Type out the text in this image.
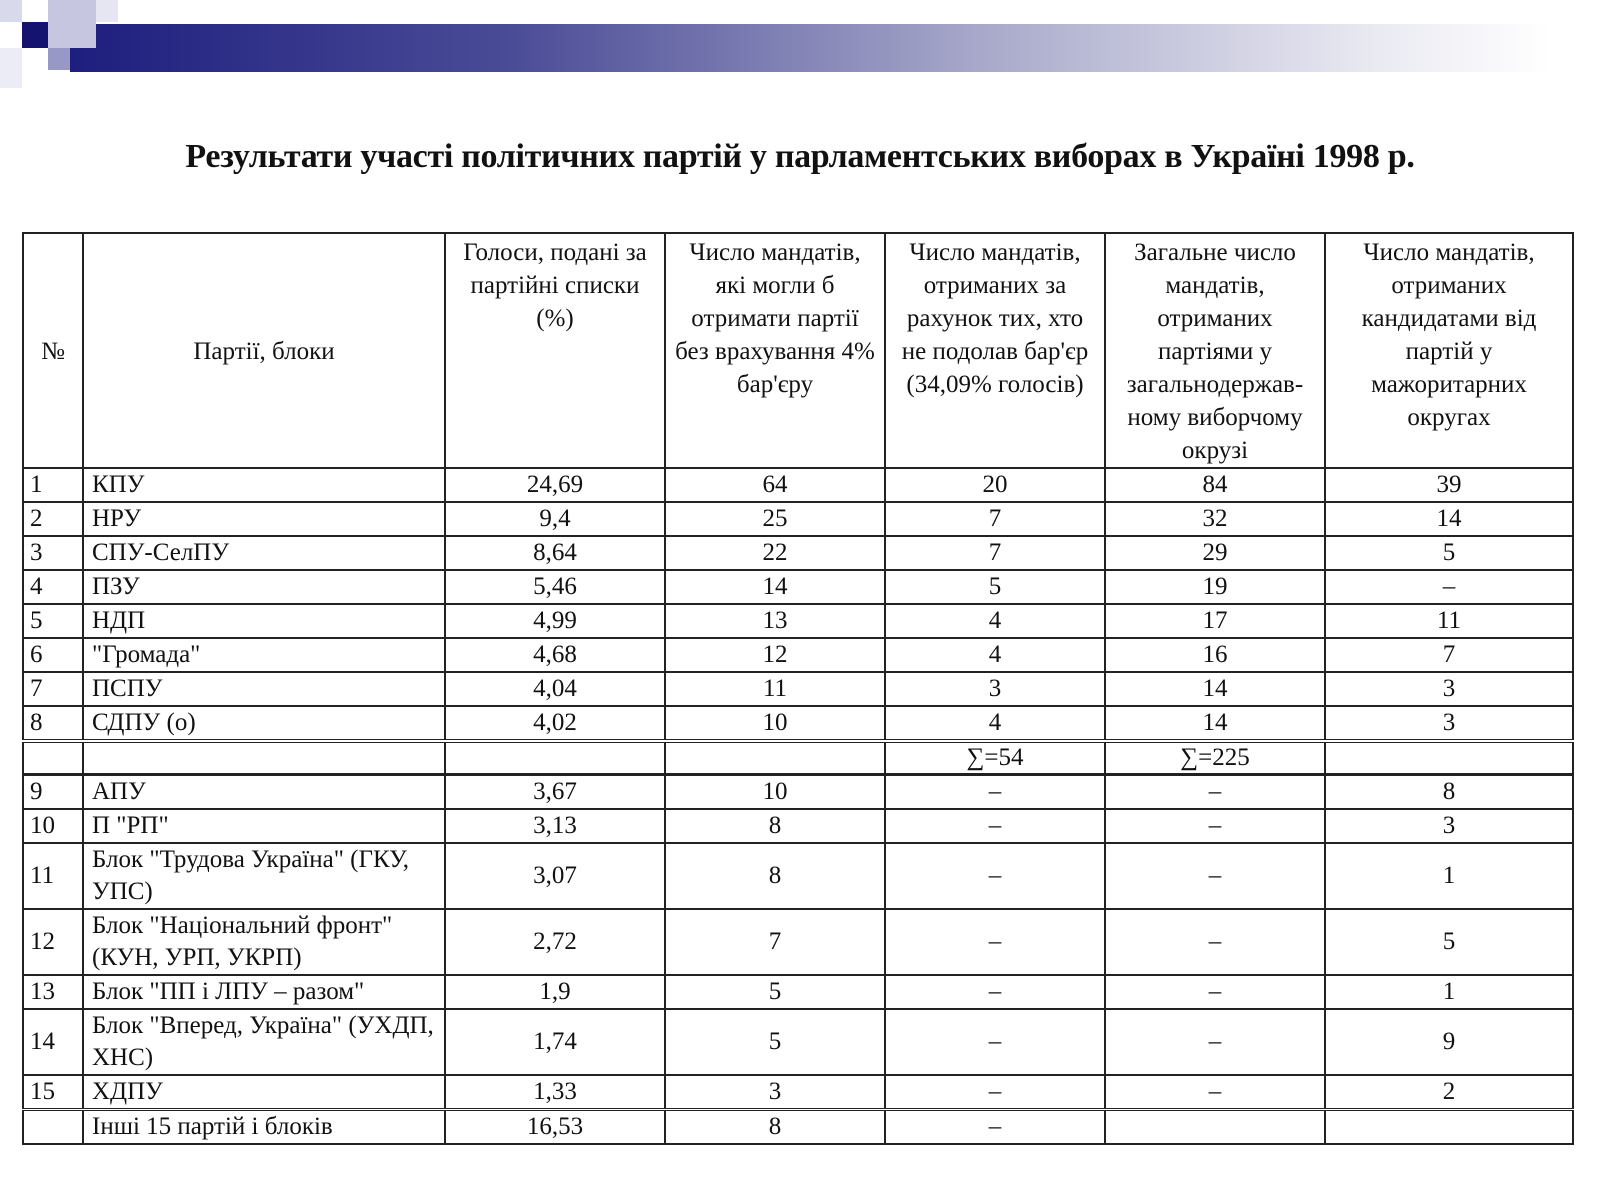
Результати участі політичних партій у парламентських виборах в Україні 1998 р.
№	Партії, блоки	Голоси, подані за партійні списки (%)	Число мандатів, які могли б отримати партії без врахування 4% бар'єру	Число мандатів, отриманих за рахунок тих, хто не подолав бар'єр (34,09% голосів)	Загальне число мандатів, отриманих партіями у загальнодержав-ному виборчому окрузі	Число мандатів, отриманих кандидатами від партій у мажоритарних округах
1	КПУ	24,69	64	20	84	39
2	НРУ	9,4	25	7	32	14
3	СПУ-СелПУ	8,64	22	7	29	5
4	ПЗУ	5,46	14	5	19	–
5	НДП	4,99	13	4	17	11
6	"Громада"	4,68	12	4	16	7
7	ПСПУ	4,04	11	3	14	3
8	СДПУ (о)	4,02	10	4	14	3
				∑=54	∑=225	
9	АПУ	3,67	10	–	–	8
10	П "РП"	3,13	8	–	–	3
11	Блок "Трудова Україна" (ГКУ, УПС)	3,07	8	–	–	1
12	Блок "Національний фронт" (КУН, УРП, УКРП)	2,72	7	–	–	5
13	Блок "ПП і ЛПУ – разом"	1,9	5	–	–	1
14	Блок "Вперед, Україна" (УХДП, ХНС)	1,74	5	–	–	9
15	ХДПУ	1,33	3	–	–	2
	Інші 15 партій і блоків	16,53	8	–		
